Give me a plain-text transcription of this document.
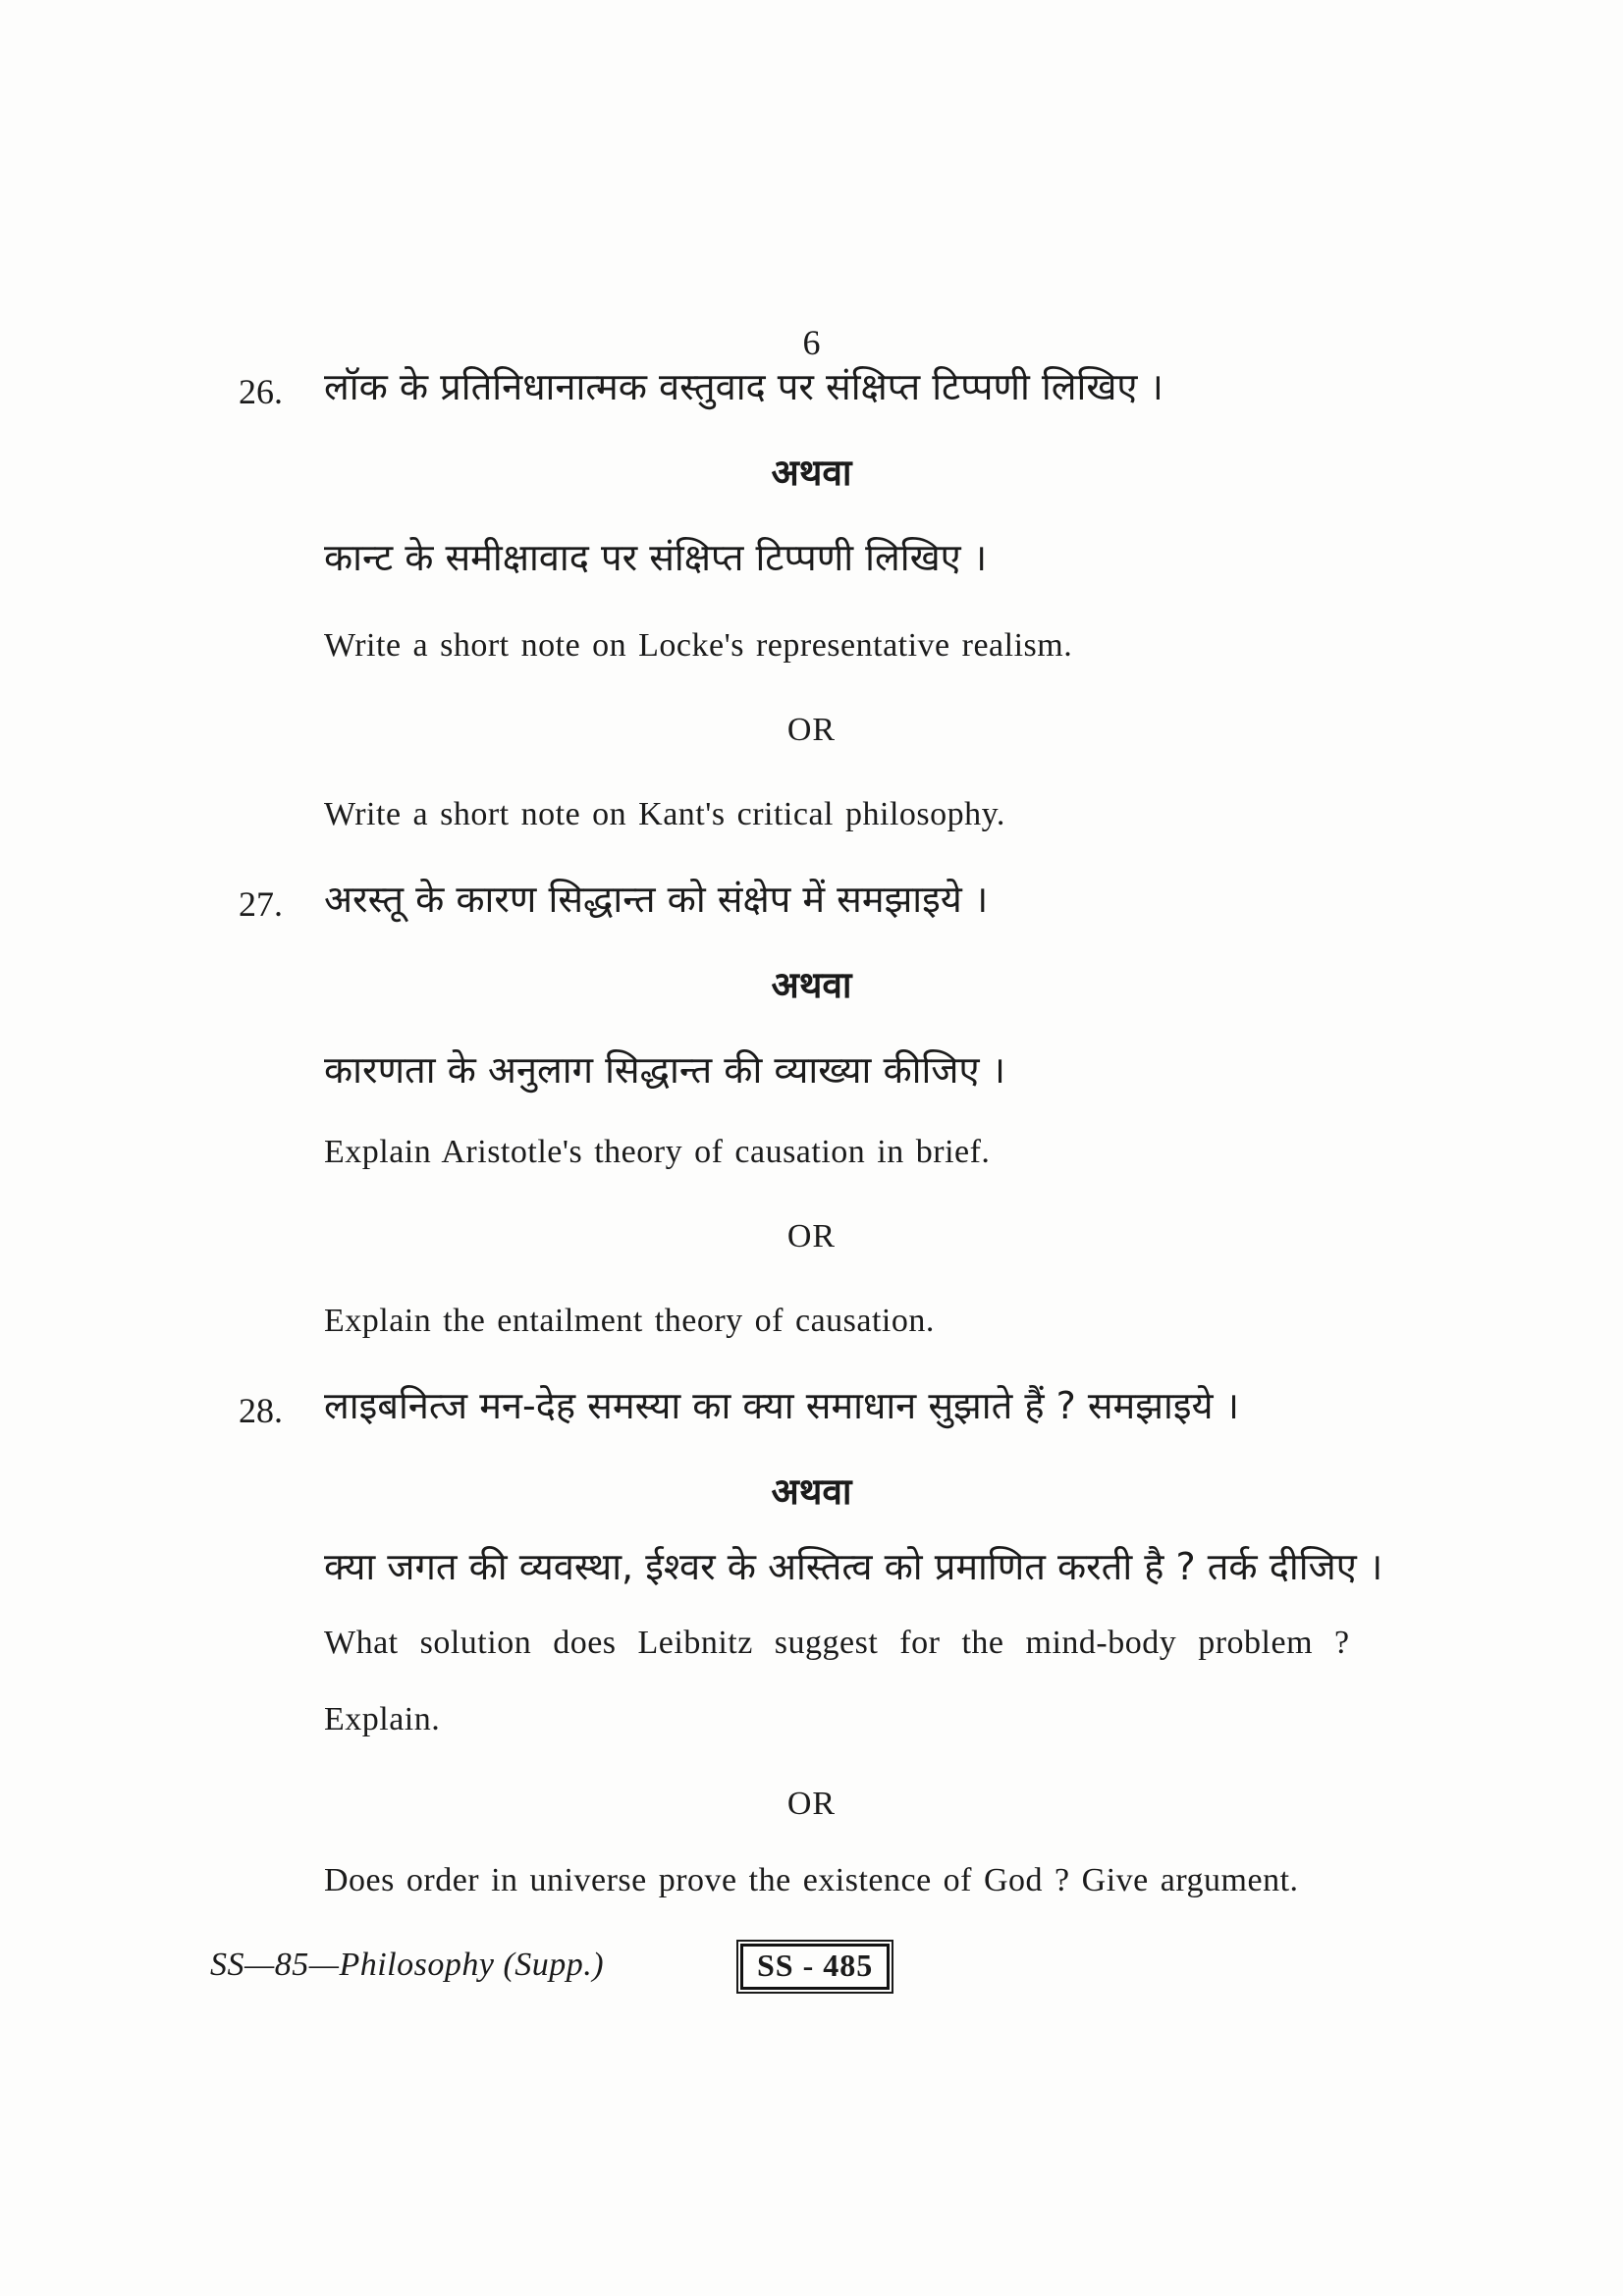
6
26. लॉक के प्रतिनिधानात्मक वस्तुवाद पर संक्षिप्त टिप्पणी लिखिए ।
अथवा
कान्ट के समीक्षावाद पर संक्षिप्त टिप्पणी लिखिए ।
Write a short note on Locke's representative realism.
OR
Write a short note on Kant's critical philosophy.
27. अरस्तू के कारण सिद्धान्त को संक्षेप में समझाइये ।
अथवा
कारणता के अनुलाग सिद्धान्त की व्याख्या कीजिए ।
Explain Aristotle's theory of causation in brief.
OR
Explain the entailment theory of causation.
28. लाइबनित्ज मन-देह समस्या का क्या समाधान सुझाते हैं ? समझाइये ।
अथवा
क्या जगत की व्यवस्था, ईश्वर के अस्तित्व को प्रमाणित करती है ? तर्क दीजिए ।
What solution does Leibnitz suggest for the mind-body problem ?
Explain.
OR
Does order in universe prove the existence of God ? Give argument.
SS—85—Philosophy (Supp.)	SS - 485
